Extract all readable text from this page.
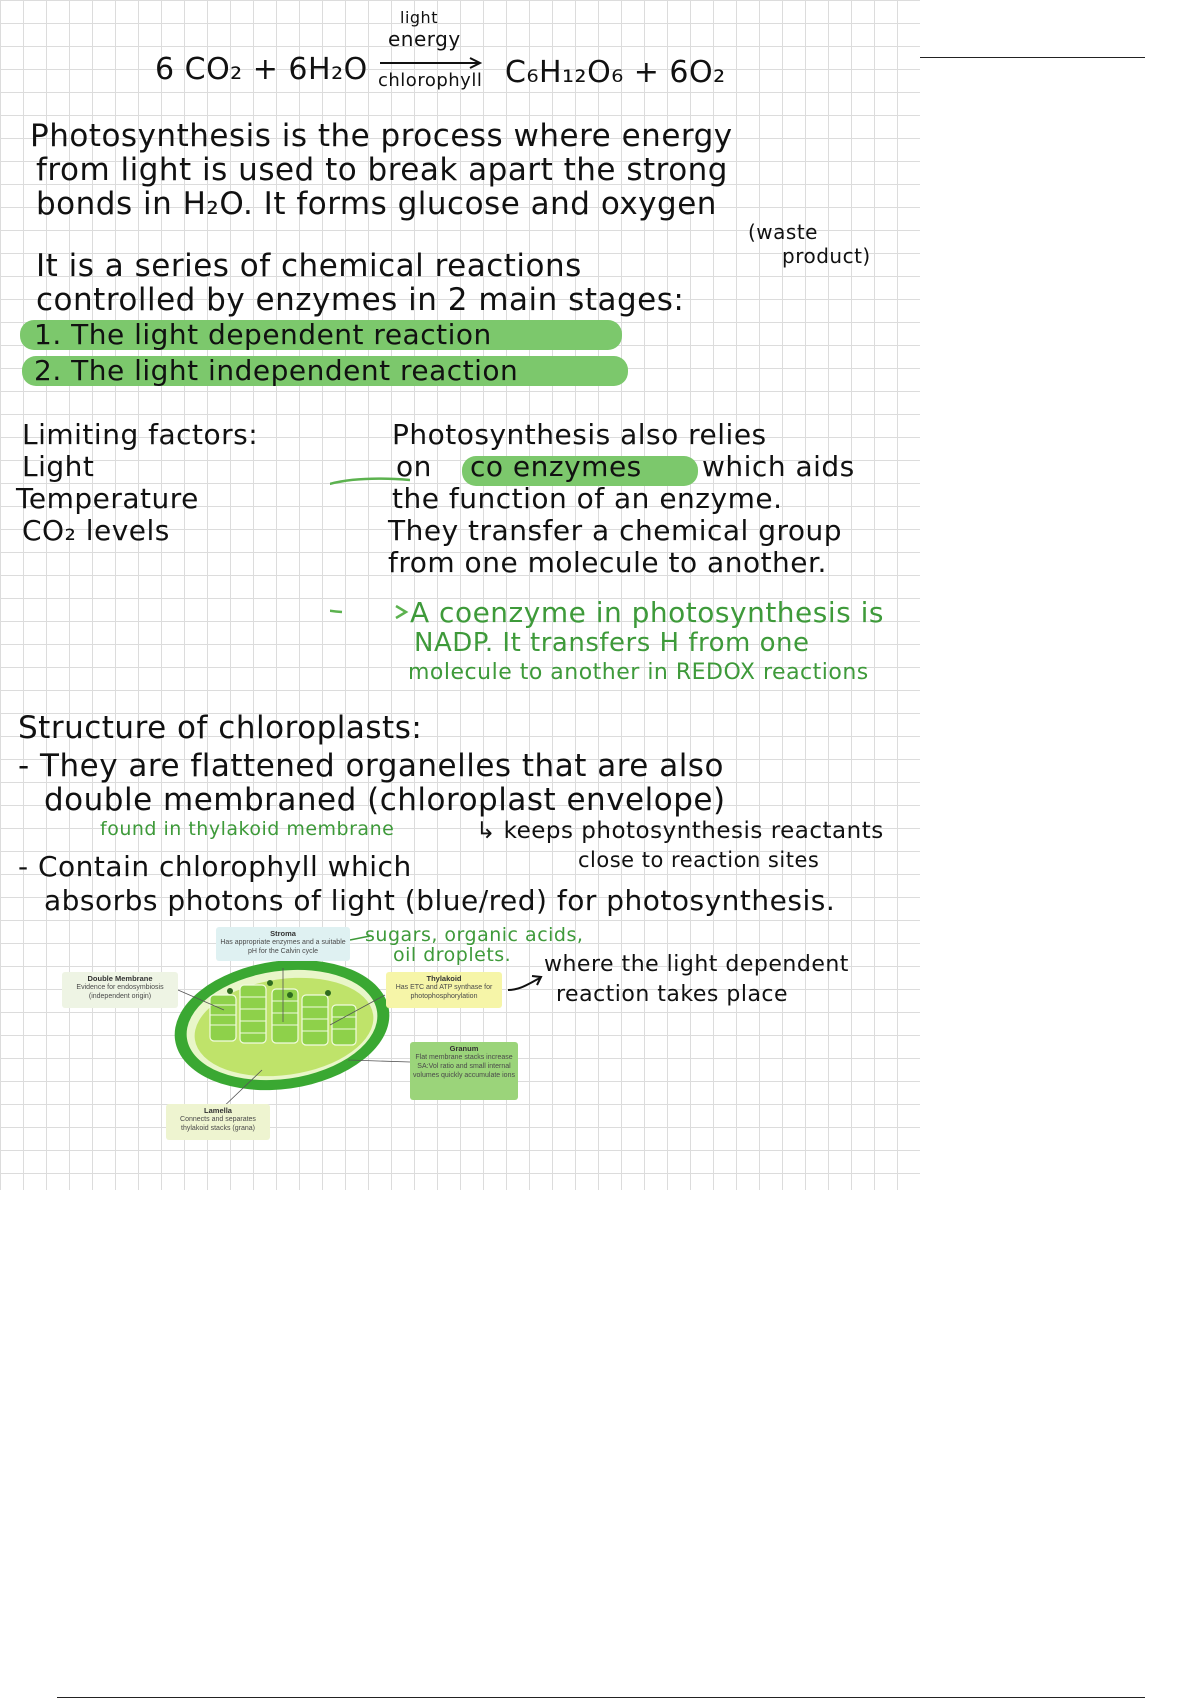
6 CO₂ + 6H₂O
light
energy
chlorophyll C₆H₁₂O₆ + 6O₂
Photosynthesis is the process where energy
from light is used to break apart the strong
bonds in H₂O. It forms glucose and oxygen
(waste
product)
It is a series of chemical reactions
controlled by enzymes in 2 main stages:
1. The light dependent reaction
2. The light independent reaction
Limiting factors:
Light
Temperature
CO₂ levels
Photosynthesis also relies
on co enzymes which aids
the function of an enzyme.
They transfer a chemical group
from one molecule to another.
A coenzyme in photosynthesis is
NADP. It transfers H from one
molecule to another in REDOX reactions
Structure of chloroplasts:
- They are flattened organelles that are also
double membraned (chloroplast envelope)
found in thylakoid membrane	↳ keeps photosynthesis reactants
close to reaction sites
- Contain chlorophyll which
absorbs photons of light (blue/red) for photosynthesis.
Stroma
Has appropriate enzymes and a suitable pH for the Calvin cycle
sugars, organic acids,
oil droplets.
Double Membrane
Evidence for endosymbiosis (independent origin)
Thylakoid
Has ETC and ATP synthase for photophosphorylation
where the light dependent
reaction takes place
Granum
Flat membrane stacks increase SA:Vol ratio and small internal volumes quickly accumulate ions
Lamella
Connects and separates thylakoid stacks (grana)
